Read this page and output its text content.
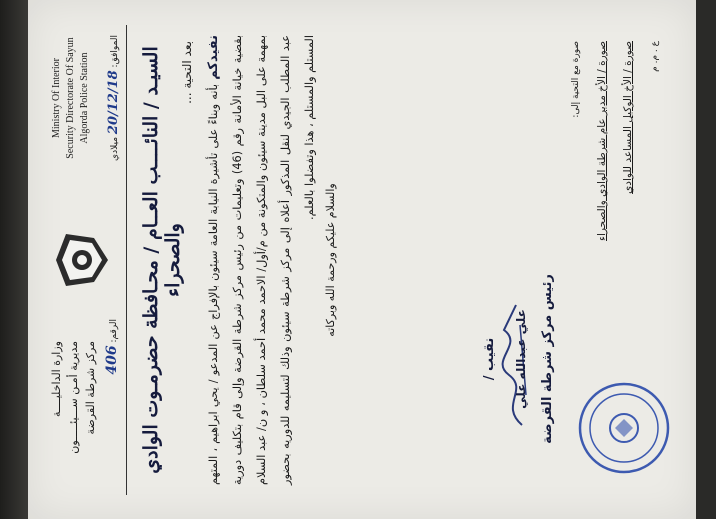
وزارة الداخليــــة مديرية أمـن ســـيئـــــون مركز شرطة القرضة
Ministry Of Interior Security Directorate Of Sayun Algorda Police Station
الرقم: 406
الموافق: 20/12/18 ميلادي السيـد / النائــــب العــام / محـافظة حضرمـوت الوادي والصحراء
بعد التحية ... نفيدكم بأنه وبناءً على تأشيرة النيابة العامة سيئون بالإفراج عن المدعو / يحي ابراهيم ، المتهم بقضية خيانة الأمانة رقم (46) وتعليمات من رئيس مركز شرطة القرضة وإلى قام بتكليف دورية بمهمة على البل مدينة سيئون والمتكونة من م/أول/ الاحمد محمد أحمد سلطان ، و ن/ عبد السلام عبد المطلب الجيدي لنقل المذكور أعلاه إلى مركز شرطة سيئون وذلك لتسليمه للدوريه بحضور المستلم والمستلم ، هذا وتفضلوا بالعلم.
والسلام عليكم ورحمة الله وبركاته
نقيب / علي عبدالله علي رئيس مركز شرطة القرضة
صورة مع التحية إلى:	صورة / الأخ مدير عام شرطة الوادي والصحراء	صورة / الأخ الوكيل المساعد للوادي	ع . م. م
